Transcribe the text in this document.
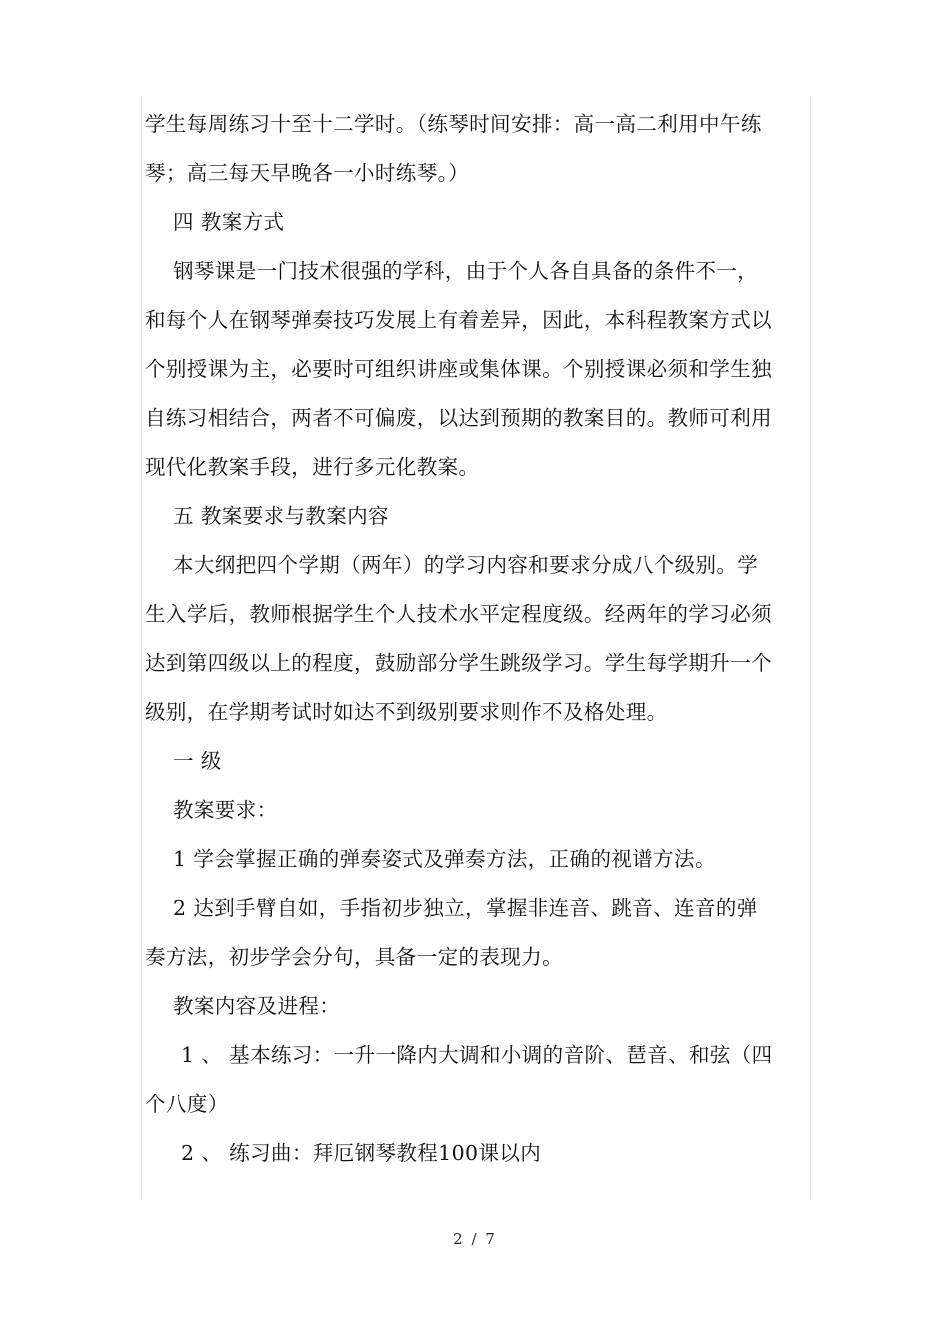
学生每周练习十至十二学时。（练琴时间安排：高一高二利用中午练

琴；高三每天早晚各一小时练琴。）

四 教案方式

钢琴课是一门技术很强的学科，由于个人各自具备的条件不一，

和每个人在钢琴弹奏技巧发展上有着差异，因此，本科程教案方式以

个别授课为主，必要时可组织讲座或集体课。个别授课必须和学生独

自练习相结合，两者不可偏废，以达到预期的教案目的。教师可利用

现代化教案手段，进行多元化教案。

五 教案要求与教案内容

本大纲把四个学期（两年）的学习内容和要求分成八个级别。学

生入学后，教师根据学生个人技术水平定程度级。经两年的学习必须

达到第四级以上的程度，鼓励部分学生跳级学习。学生每学期升一个

级别，在学期考试时如达不到级别要求则作不及格处理。

一 级

教案要求：

1 学会掌握正确的弹奏姿式及弹奏方法，正确的视谱方法。

2 达到手臂自如，手指初步独立，掌握非连音、跳音、连音的弹

奏方法，初步学会分句，具备一定的表现力。

教案内容及进程：

1 、 基本练习：一升一降内大调和小调的音阶、琶音、和弦（四

个八度）

2 、 练习曲：拜厄钢琴教程100课以内

2 / 7
